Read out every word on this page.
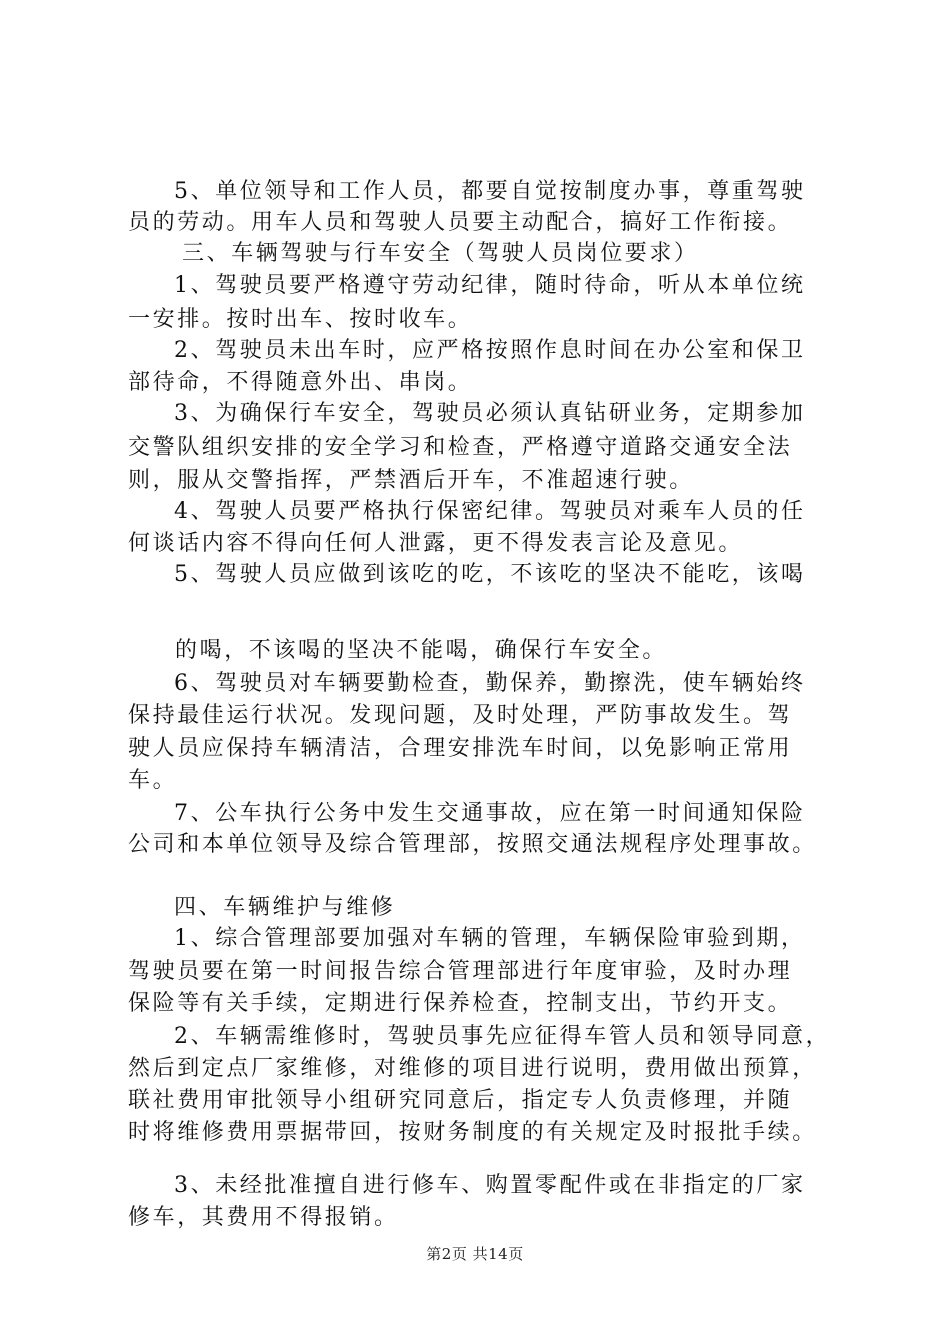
5、单位领导和工作人员，都要自觉按制度办事，尊重驾驶
员的劳动。用车人员和驾驶人员要主动配合，搞好工作衔接。
三、车辆驾驶与行车安全（驾驶人员岗位要求）
1、驾驶员要严格遵守劳动纪律，随时待命，听从本单位统
一安排。按时出车、按时收车。
2、驾驶员未出车时，应严格按照作息时间在办公室和保卫
部待命，不得随意外出、串岗。
3、为确保行车安全，驾驶员必须认真钻研业务，定期参加
交警队组织安排的安全学习和检查，严格遵守道路交通安全法
则，服从交警指挥，严禁酒后开车，不准超速行驶。
4、驾驶人员要严格执行保密纪律。驾驶员对乘车人员的任
何谈话内容不得向任何人泄露，更不得发表言论及意见。
5、驾驶人员应做到该吃的吃，不该吃的坚决不能吃，该喝
的喝，不该喝的坚决不能喝，确保行车安全。
6、驾驶员对车辆要勤检查，勤保养，勤擦洗，使车辆始终
保持最佳运行状况。发现问题，及时处理，严防事故发生。驾
驶人员应保持车辆清洁，合理安排洗车时间，以免影响正常用
车。
7、公车执行公务中发生交通事故，应在第一时间通知保险
公司和本单位领导及综合管理部，按照交通法规程序处理事故。
四、车辆维护与维修
1、综合管理部要加强对车辆的管理，车辆保险审验到期，
驾驶员要在第一时间报告综合管理部进行年度审验，及时办理
保险等有关手续，定期进行保养检查，控制支出，节约开支。
2、车辆需维修时，驾驶员事先应征得车管人员和领导同意，
然后到定点厂家维修，对维修的项目进行说明，费用做出预算，
联社费用审批领导小组研究同意后，指定专人负责修理，并随
时将维修费用票据带回，按财务制度的有关规定及时报批手续。
3、未经批准擅自进行修车、购置零配件或在非指定的厂家
修车，其费用不得报销。
第2页 共14页
